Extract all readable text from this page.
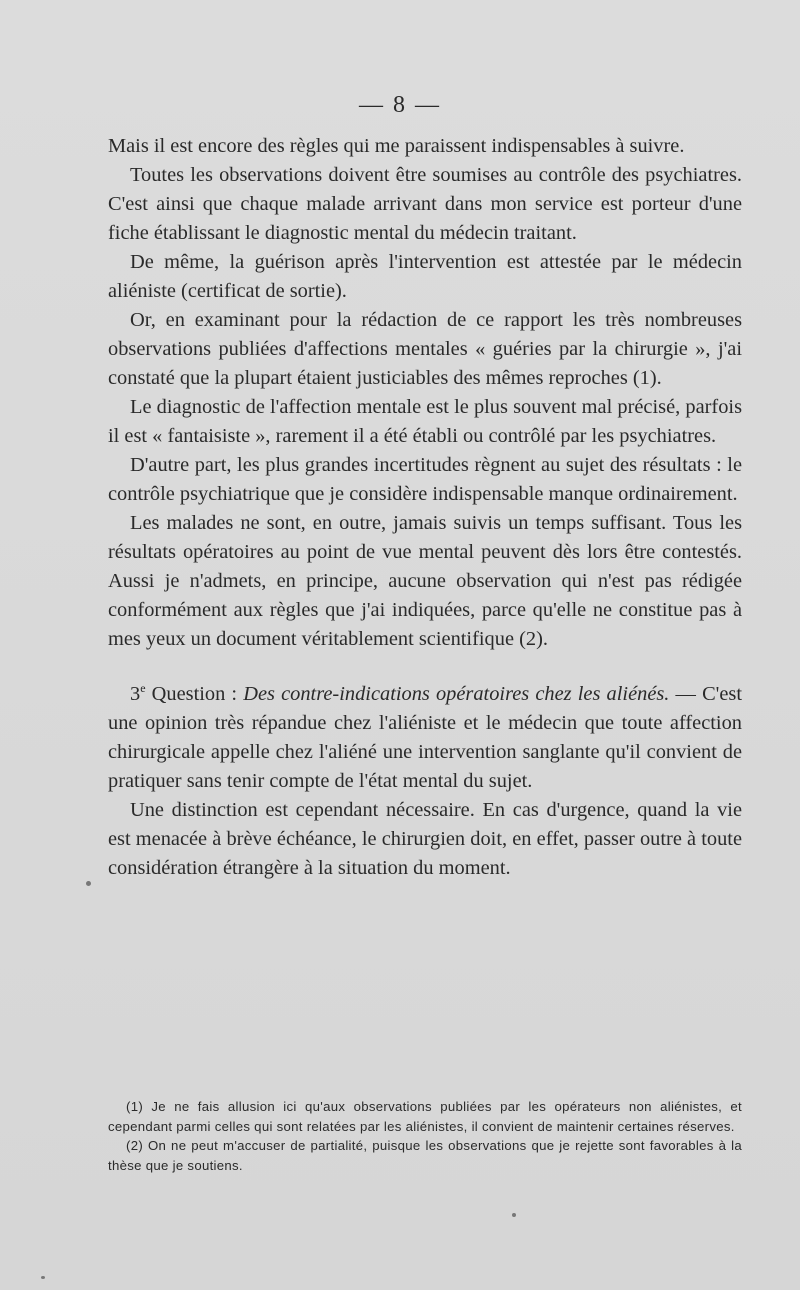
— 8 —

Mais il est encore des règles qui me paraissent indispensables à suivre.

Toutes les observations doivent être soumises au contrôle des psychiatres. C'est ainsi que chaque malade arrivant dans mon service est porteur d'une fiche établissant le diagnostic mental du médecin traitant.

De même, la guérison après l'intervention est attestée par le médecin aliéniste (certificat de sortie).

Or, en examinant pour la rédaction de ce rapport les très nombreuses observations publiées d'affections mentales « guéries par la chirurgie », j'ai constaté que la plupart étaient justiciables des mêmes reproches (1).

Le diagnostic de l'affection mentale est le plus souvent mal précisé, parfois il est « fantaisiste », rarement il a été établi ou contrôlé par les psychiatres.

D'autre part, les plus grandes incertitudes règnent au sujet des résultats : le contrôle psychiatrique que je considère indispensable manque ordinairement.

Les malades ne sont, en outre, jamais suivis un temps suffisant. Tous les résultats opératoires au point de vue mental peuvent dès lors être contestés. Aussi je n'admets, en principe, aucune observation qui n'est pas rédigée conformément aux règles que j'ai indiquées, parce qu'elle ne constitue pas à mes yeux un document véritablement scientifique (2).

3e Question : Des contre-indications opératoires chez les aliénés. — C'est une opinion très répandue chez l'aliéniste et le médecin que toute affection chirurgicale appelle chez l'aliéné une intervention sanglante qu'il convient de pratiquer sans tenir compte de l'état mental du sujet.

Une distinction est cependant nécessaire. En cas d'urgence, quand la vie est menacée à brève échéance, le chirurgien doit, en effet, passer outre à toute considération étrangère à la situation du moment.

(1) Je ne fais allusion ici qu'aux observations publiées par les opérateurs non aliénistes, et cependant parmi celles qui sont relatées par les aliénistes, il convient de maintenir certaines réserves.

(2) On ne peut m'accuser de partialité, puisque les observations que je rejette sont favorables à la thèse que je soutiens.
